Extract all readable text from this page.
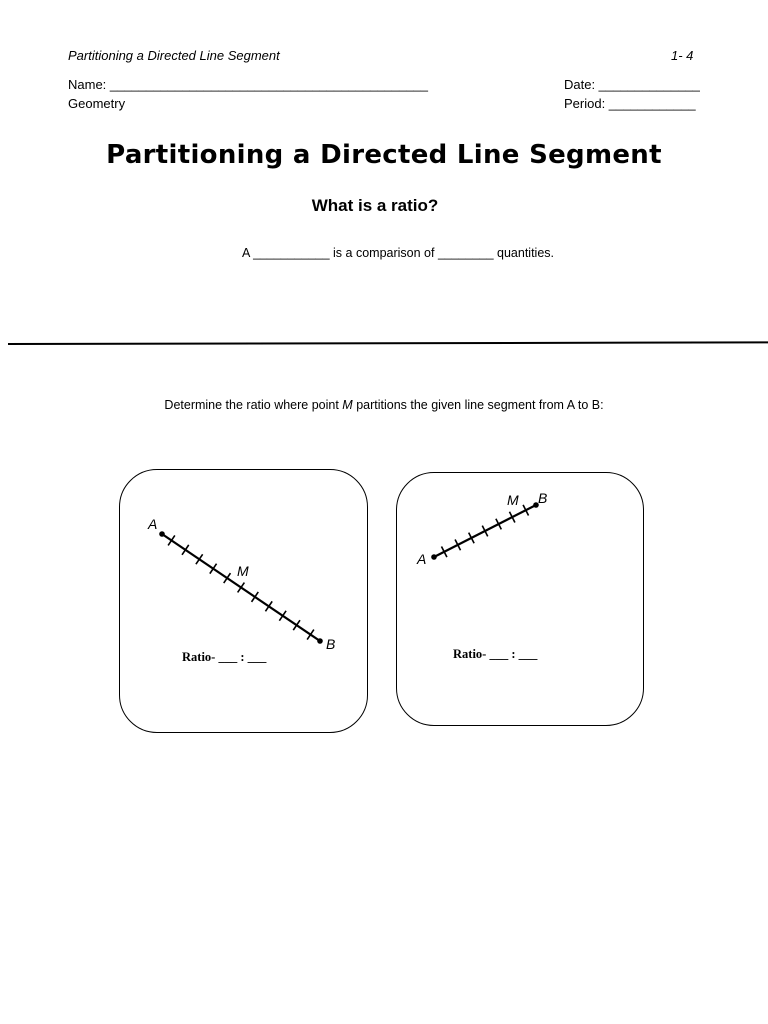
Partitioning a Directed Line Segment	1- 4
Name: ____________________________________________	Date: ______________
Geometry	Period: ____________
Partitioning a Directed Line Segment
What is a ratio?
A ___________ is a comparison of ________ quantities.
Determine the ratio where point M partitions the given line segment from A to B:
A
M
B
Ratio- ___ : ___
A
M B
Ratio- ___ : ___
